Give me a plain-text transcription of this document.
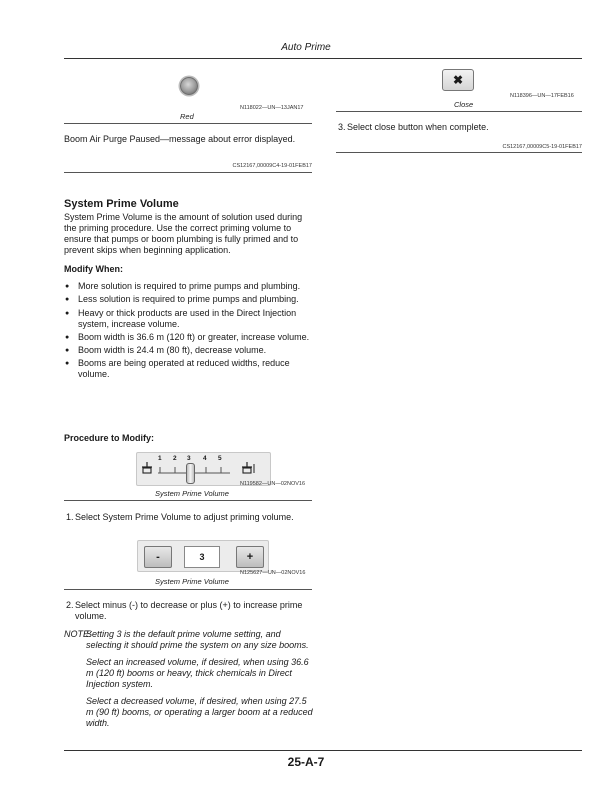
Auto Prime
N118022—UN—13JAN17
Red
Boom Air Purge Paused—message about error displayed.
CS12167,00009C4-19-01FEB17
System Prime Volume
System Prime Volume is the amount of solution used during the priming procedure. Use the correct priming volume to ensure that pumps or boom plumbing is fully primed and to prevent skips when beginning application.
Modify When:
● More solution is required to prime pumps and plumbing.
● Less solution is required to prime pumps and plumbing.
● Heavy or thick products are used in the Direct Injection system, increase volume.
● Boom width is 36.6 m (120 ft) or greater, increase volume.
● Boom width is 24.4 m (80 ft), decrease volume.
● Booms are being operated at reduced widths, reduce volume.
Procedure to Modify:
1 2 3 4 5
N119582—UN—02NOV16
System Prime Volume
1. Select System Prime Volume to adjust priming volume.
-	3	+
N125627—UN—02NOV16
System Prime Volume
2. Select minus (-) to decrease or plus (+) to increase prime volume.
NOTE:
Setting 3 is the default prime volume setting, and selecting it should prime the system on any size booms.
Select an increased volume, if desired, when using 36.6 m (120 ft) booms or heavy, thick chemicals in Direct Injection system.
Select a decreased volume, if desired, when using 27.5 m (90 ft) booms, or operating a larger boom at a reduced width.
✖
N118396—UN—17FEB16
Close
3. Select close button when complete.
CS12167,00009C5-19-01FEB17
25-A-7
